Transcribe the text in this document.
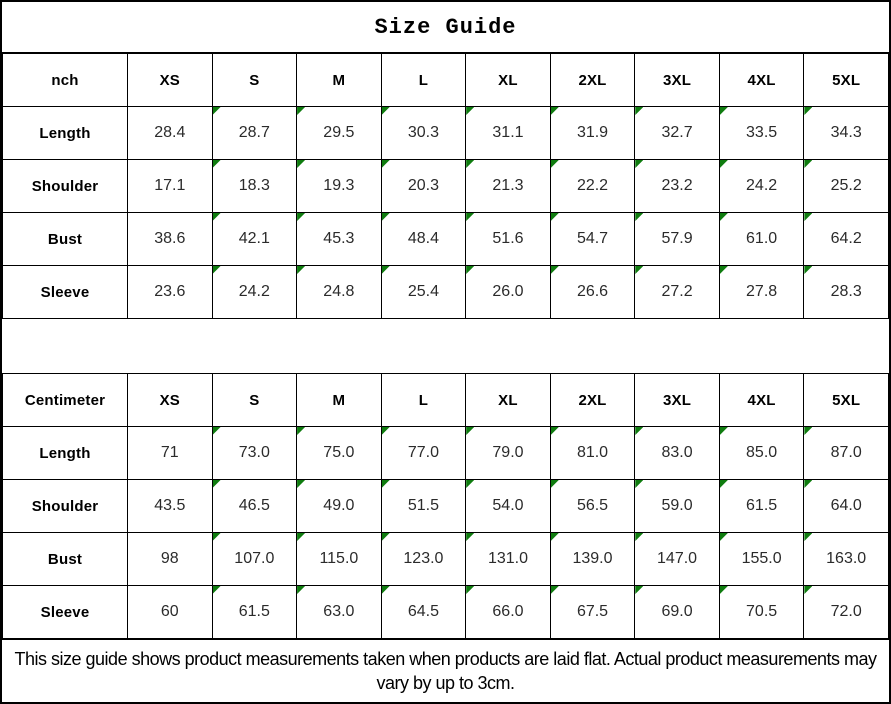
Size Guide
nch	XS	S	M	L	XL	2XL	3XL	4XL	5XL
Length	28.4	28.7	29.5	30.3	31.1	31.9	32.7	33.5	34.3

Shoulder	17.1	18.3	19.3	20.3	21.3	22.2	23.2	24.2	25.2

Bust	38.6	42.1	45.3	48.4	51.6	54.7	57.9	61.0	64.2

Sleeve	23.6	24.2	24.8	25.4	26.0	26.6	27.2	27.8	28.3
Centimeter	XS	S	M	L	XL	2XL	3XL	4XL	5XL
Length	71	73.0	75.0	77.0	79.0	81.0	83.0	85.0	87.0

Shoulder	43.5	46.5	49.0	51.5	54.0	56.5	59.0	61.5	64.0

Bust	98	107.0	115.0	123.0	131.0	139.0	147.0	155.0	163.0

Sleeve	60	61.5	63.0	64.5	66.0	67.5	69.0	70.5	72.0
This size guide shows product measurements taken when products are laid flat. Actual product measurements may vary by up to 3cm.
